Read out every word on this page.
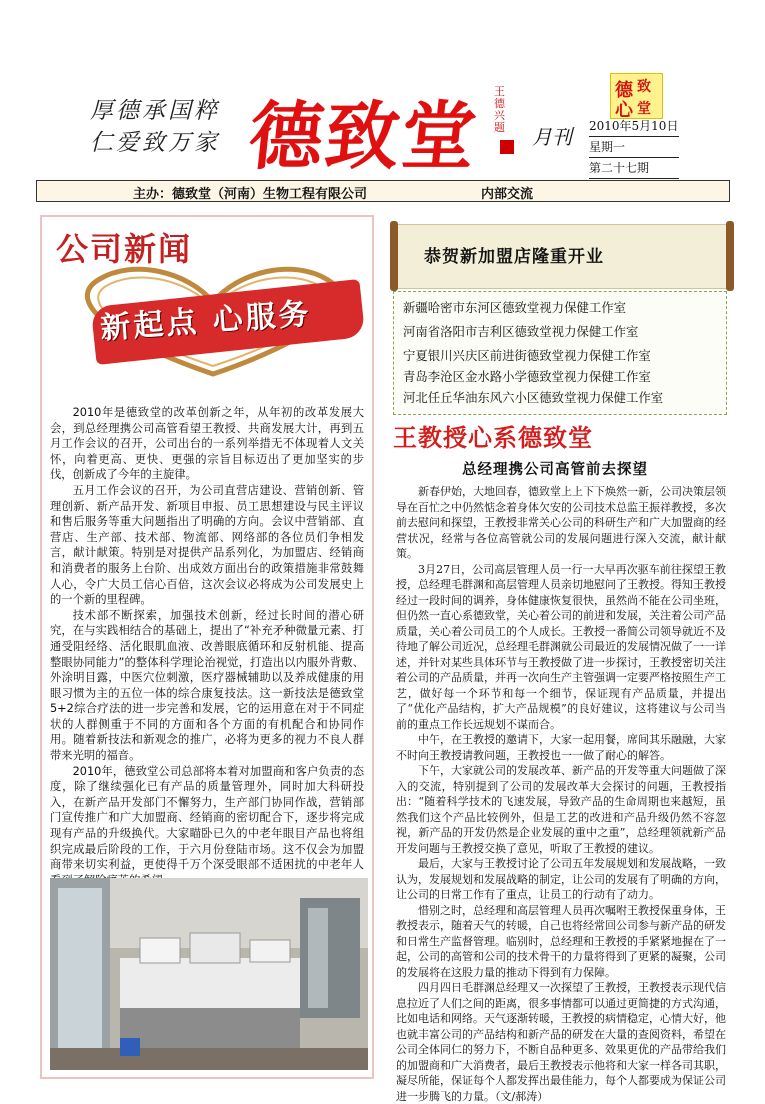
厚德承国粹
仁爱致万家 德致堂
王德兴题	月刊
德 致
心 堂
2010年5月10日
星期一
第二十七期
主办：德致堂（河南）生物工程有限公司	内部交流
公司新闻
新起点 心服务

2010年是德致堂的改革创新之年，从年初的改革发展大会，到总经理携公司高管看望王教授、共商发展大计，再到五月工作会议的召开，公司出台的一系列举措无不体现着人文关怀，向着更高、更快、更强的宗旨目标迈出了更加坚实的步伐，创新成了今年的主旋律。

五月工作会议的召开，为公司直营店建设、营销创新、管理创新、新产品开发、新项目申报、员工思想建设与民主评议和售后服务等重大问题指出了明确的方向。会议中营销部、直营店、生产部、技术部、物流部、网络部的各位员们争相发言，献计献策。特别是对提供产品系列化，为加盟店、经销商和消费者的服务上台阶、出成效方面出台的政策措施非常鼓舞人心，令广大员工信心百倍，这次会议必将成为公司发展史上的一个新的里程碑。

技术部不断探索，加强技术创新，经过长时间的潜心研究，在与实践相结合的基础上，提出了“补充矛种微量元素、打通受阻经络、活化眼肌血液、改善眼底循环和反射机能、提高整眼协同能力”的整体科学理论治视觉，打造出以内服外背敷、外涂明目露，中医穴位刺激，医疗器械辅助以及养成健康的用眼习惯为主的五位一体的综合康复技法。这一新技法是德致堂5+2综合疗法的进一步完善和发展，它的运用意在对于不同症状的人群侧重于不同的方面和各个方面的有机配合和协同作用。随着新技法和新观念的推广，必将为更多的视力不良人群带来光明的福音。

2010年，德致堂公司总部将本着对加盟商和客户负责的态度，除了继续强化已有产品的质量管理外，同时加大科研投入，在新产品开发部门不懈努力，生产部门协同作战，营销部门宣传推广和广大加盟商、经销商的密切配合下，逐步将完成现有产品的升级换代。大家瞄卧已久的中老年眼目产品也将组织完成最后阶段的工作，于六月份登陆市场。这不仅会为加盟商带来切实利益，更使得千万个深受眼部不适困扰的中老年人

恭贺新加盟店隆重开业
新疆哈密市东河区德致堂视力保健工作室
河南省洛阳市吉利区德致堂视力保健工作室
宁夏银川兴庆区前进街德致堂视力保健工作室
青岛李沧区金水路小学德致堂视力保健工作室
河北任丘华油东风六小区德致堂视力保健工作室
王教授心系德致堂
总经理携公司高管前去探望

新春伊始，大地回春，德致堂上上下下焕然一新，公司决策层领导在百忙之中仍然惦念着身体欠安的公司技术总监王振祥教授，多次前去慰问和探望，王教授非常关心公司的科研生产和广大加盟商的经营状况，经常与各位高管就公司的发展问题进行深入交流，献计献策。

3月27日，公司高层管理人员一行一大早再次驱车前往探望王教授，总经理毛群渊和高层管理人员亲切地慰问了王教授。得知王教授经过一段时间的调养，身体健康恢复很快，虽然尚不能在公司坐班，但仍然一直心系德致堂，关心着公司的前进和发展，关注着公司产品质量，关心着公司员工的个人成长。王教授一番简公司领导就近不及待地了解公司近况，总经理毛群渊就公司最近的发展情况做了一一详述，并针对某些具体环节与王教授做了进一步探讨，王教授密切关注着公司的产品质量，并再一次向生产主管强调一定要严格按照生产工艺，做好每一个环节和每一个细节，保证现有产品质量，并提出了“优化产品结构，扩大产品规模”的良好建议，这将建议与公司当前的重点工作长远规划不谋而合。

中午，在王教授的邀请下，大家一起用餐，席间其乐融融，大家不时向王教授请教问题，王教授也一一做了耐心的解答。

下午，大家就公司的发展改革、新产品的开发等重大问题做了深入的交流，特别提到了公司的发展改革大会探讨的问题，王教授指出：“随着科学技术的飞速发展，导致产品的生命周期也来越短，虽然我们这个产品比较例外，但是工艺的改进和产品升级仍然不容忽视，新产品的开发仍然是企业发展的重中之重”，总经理领就新产品开发问题与王教授交换了意见，听取了王教授的建议。

最后，大家与王教授讨论了公司五年发展规划和发展战略，一致认为，发展规划和发展战略的制定，让公司的发展有了明确的方向，让公司的日常工作有了重点，让员工的行动有了动力。

惜别之时，总经理和高层管理人员再次嘱咐王教授保重身体，王教授表示，随着天气的转暖，自己也将经常回公司参与新产品的研发和日常生产监督管理。临别时，总经理和王教授的手紧紧地握在了一起，公司的高管和公司的技术骨干的力量将得到了更紧的凝聚，公司的发展将在这股力量的推动下得到有力保障。

四月四日毛群渊总经理又一次探望了王教授，王教授表示现代信息拉近了人们之间的距离，很多事情都可以通过更简捷的方式沟通，比如电话和网络。天气逐渐转暖，王教授的病情稳定，心情大好，他也就丰富公司的产品结构和新产品的研发在大量的查阅资料，希望在公司全体同仁的努力下，不断自品种更多、效果更优的产品带给我们的加盟商和广大消费者，最后王教授表示他将和大家一样各司其职，凝尽所能，保证每个人都发挥出最佳能力，每个人都要成为保证公司进一步腾飞的力量。（文/郝涛）
